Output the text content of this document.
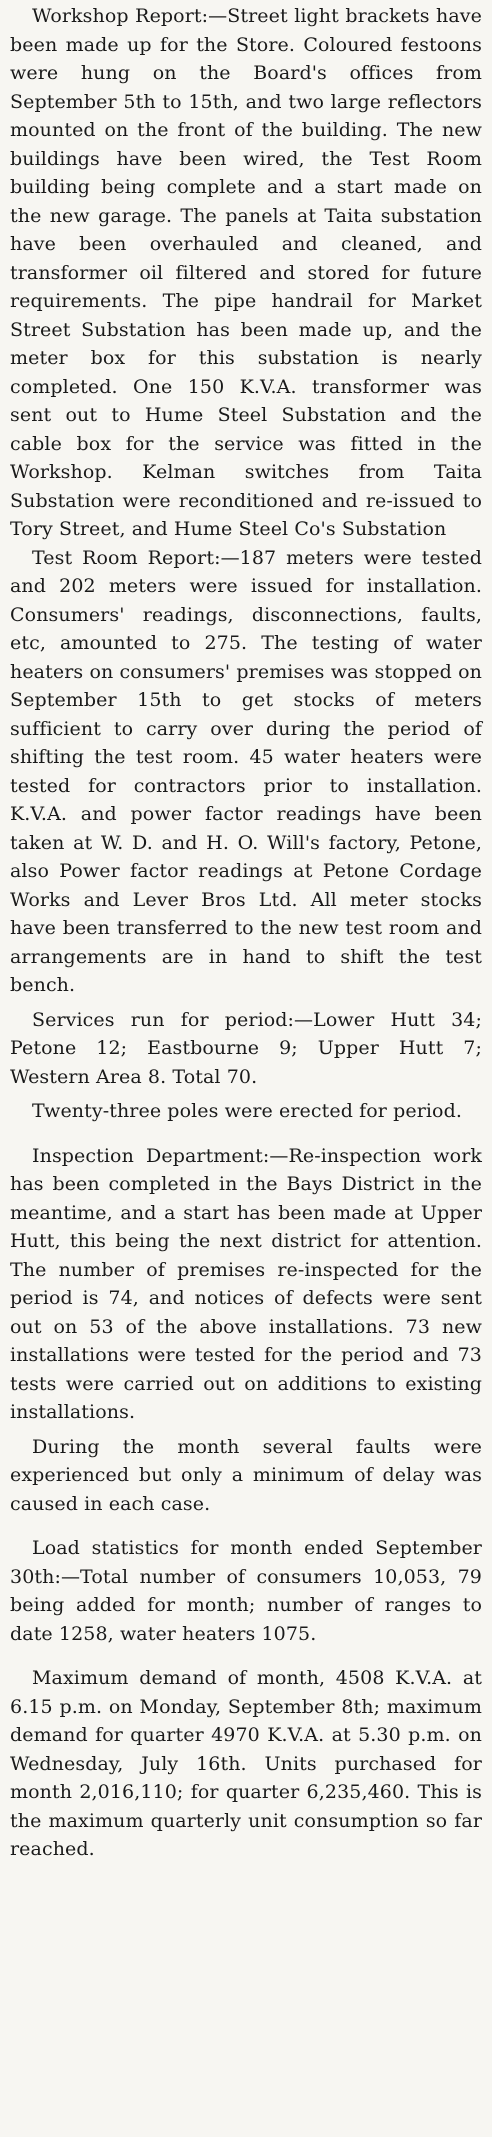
Workshop Report:—Street light brackets have been made up for the Store. Coloured festoons were hung on the Board's offices from September 5th to 15th, and two large reflectors mounted on the front of the building. The new buildings have been wired, the Test Room building being complete and a start made on the new garage. The panels at Taita substation have been overhauled and cleaned, and transformer oil filtered and stored for future requirements. The pipe handrail for Market Street Substation has been made up, and the meter box for this substation is nearly completed. One 150 K.V.A. transformer was sent out to Hume Steel Substation and the cable box for the service was fitted in the Workshop. Kelman switches from Taita Substation were reconditioned and re-issued to Tory Street, and Hume Steel Co's Substation

Test Room Report:—187 meters were tested and 202 meters were issued for installation. Consumers' readings, disconnections, faults, etc, amounted to 275. The testing of water heaters on consumers' premises was stopped on September 15th to get stocks of meters sufficient to carry over during the period of shifting the test room. 45 water heaters were tested for contractors prior to installation. K.V.A. and power factor readings have been taken at W. D. and H. O. Will's factory, Petone, also Power factor readings at Petone Cordage Works and Lever Bros Ltd. All meter stocks have been transferred to the new test room and arrangements are in hand to shift the test bench.

Services run for period:—Lower Hutt 34; Petone 12; Eastbourne 9; Upper Hutt 7; Western Area 8. Total 70.

Twenty-three poles were erected for period.

Inspection Department:—Re-inspection work has been completed in the Bays District in the meantime, and a start has been made at Upper Hutt, this being the next district for attention. The number of premises re-inspected for the period is 74, and notices of defects were sent out on 53 of the above installations. 73 new installations were tested for the period and 73 tests were carried out on additions to existing installations.

During the month several faults were experienced but only a minimum of delay was caused in each case.

Load statistics for month ended September 30th:—Total number of consumers 10,053, 79 being added for month; number of ranges to date 1258, water heaters 1075.

Maximum demand of month, 4508 K.V.A. at 6.15 p.m. on Monday, September 8th; maximum demand for quarter 4970 K.V.A. at 5.30 p.m. on Wednesday, July 16th. Units purchased for month 2,016,110; for quarter 6,235,460. This is the maximum quarterly unit consumption so far reached.
